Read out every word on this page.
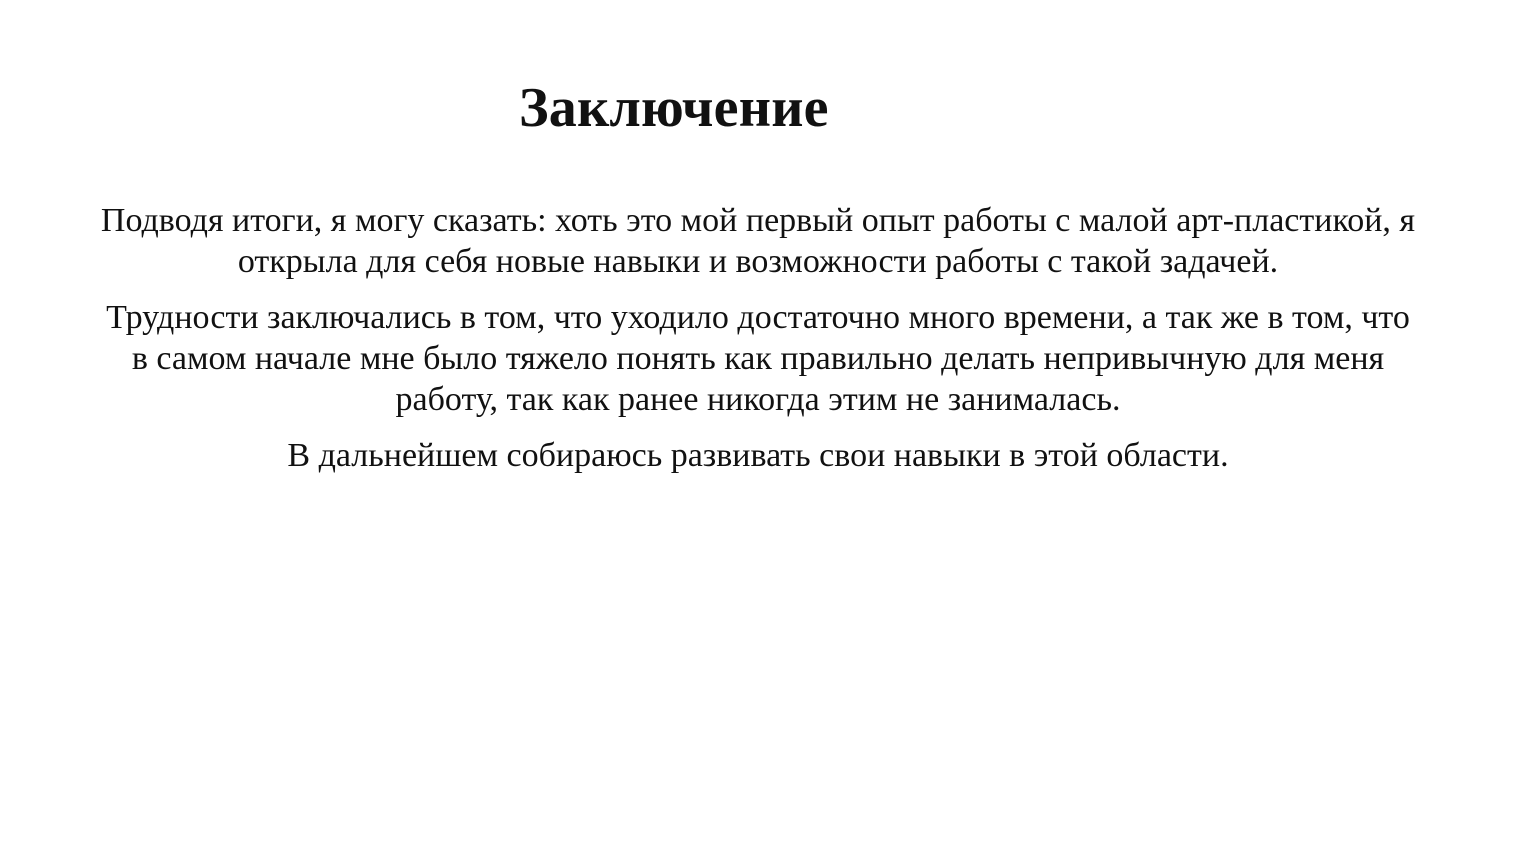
Заключение

Подводя итоги, я могу сказать: хоть это мой первый опыт работы с малой арт-пластикой, я открыла для себя новые навыки и возможности работы с такой задачей.

Трудности заключались в том, что уходило достаточно много времени, а так же в том, что в самом начале мне было тяжело понять как правильно делать непривычную для меня работу, так как ранее никогда этим не занималась.

В дальнейшем собираюсь развивать свои навыки в этой области.
